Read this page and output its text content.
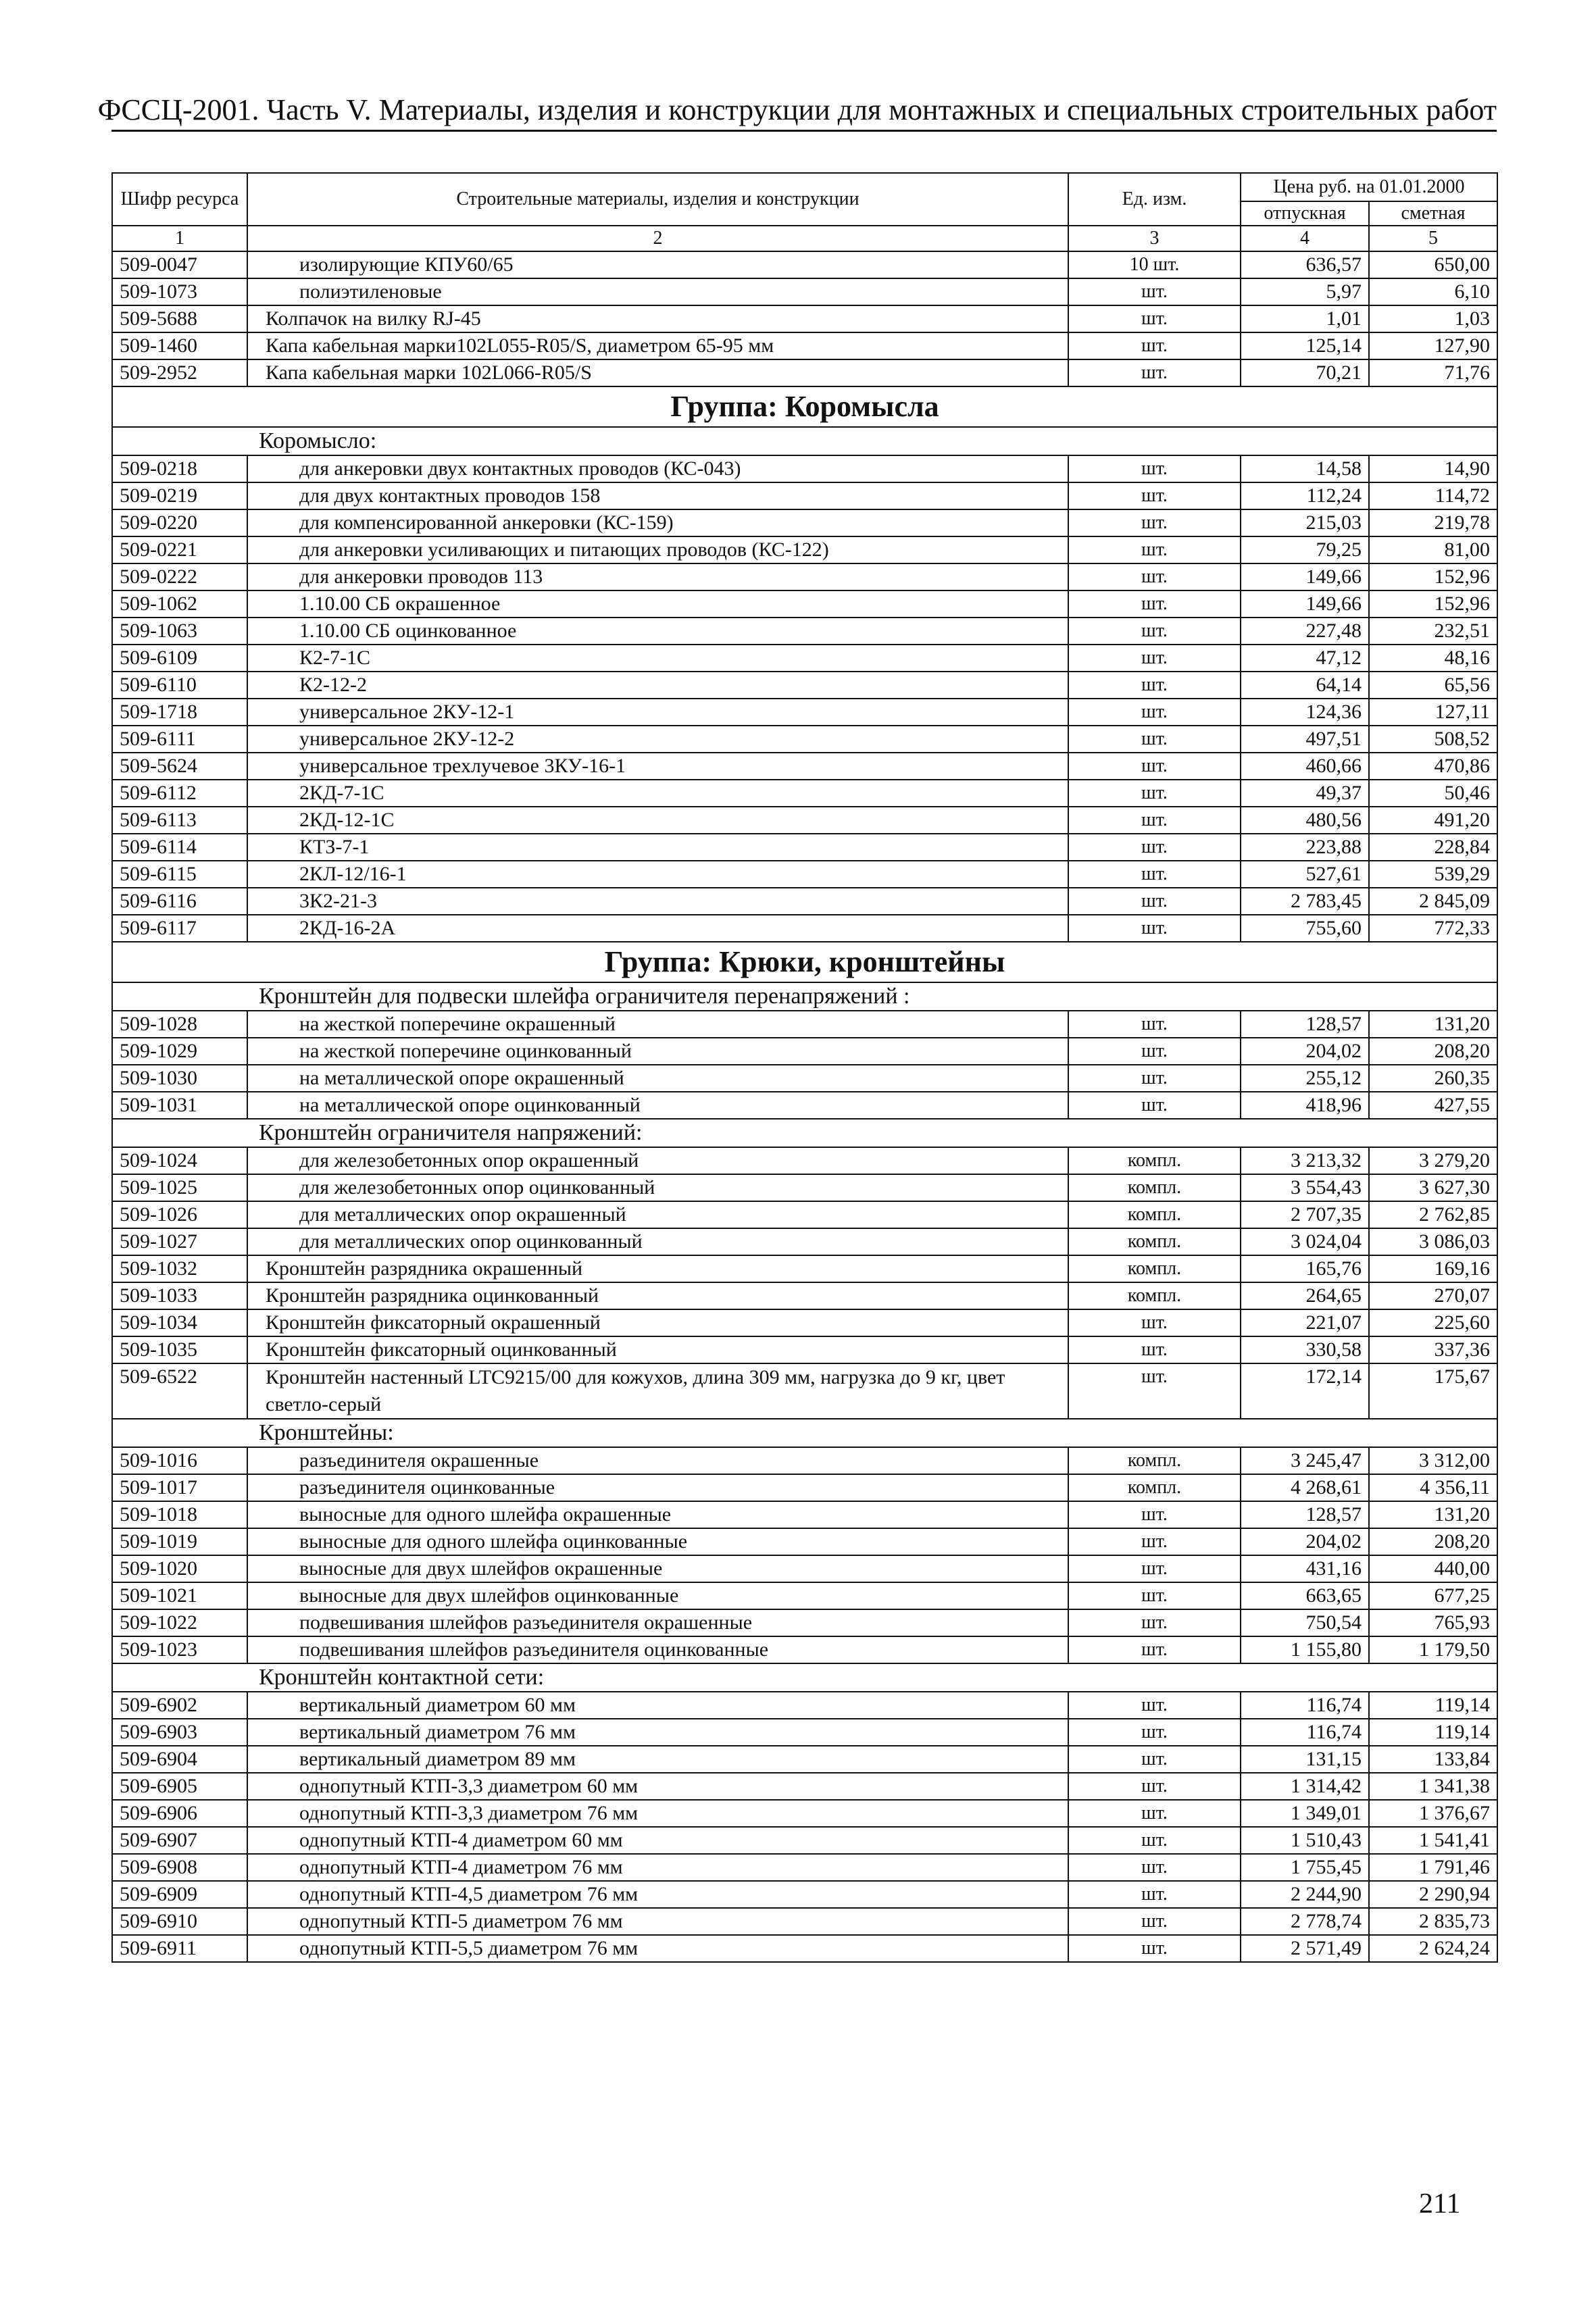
ФССЦ-2001. Часть V. Материалы, изделия и конструкции для монтажных и специальных строительных работ
Шифр ресурса	Строительные материалы, изделия и конструкции	Ед. изм.	Цена руб. на 01.01.2000	
			отпускная	сметная
1	2	3	4	5
509-0047	изолирующие КПУ60/65	10 шт.	636,57	650,00
509-1073	полиэтиленовые	шт.	5,97	6,10
509-5688	Колпачок на вилку RJ-45	шт.	1,01	1,03
509-1460	Капа кабельная марки102L055-R05/S, диаметром 65-95 мм	шт.	125,14	127,90
509-2952	Капа кабельная марки 102L066-R05/S	шт.	70,21	71,76
Группа: Коромысла				
Коромысло:				
509-0218	для анкеровки двух контактных проводов (КС-043)	шт.	14,58	14,90
509-0219	для двух контактных проводов 158	шт.	112,24	114,72
509-0220	для компенсированной анкеровки (КС-159)	шт.	215,03	219,78
509-0221	для анкеровки усиливающих и питающих проводов (КС-122)	шт.	79,25	81,00
509-0222	для анкеровки проводов 113	шт.	149,66	152,96
509-1062	1.10.00 СБ окрашенное	шт.	149,66	152,96
509-1063	1.10.00 СБ оцинкованное	шт.	227,48	232,51
509-6109	К2-7-1С	шт.	47,12	48,16
509-6110	К2-12-2	шт.	64,14	65,56
509-1718	универсальное 2КУ-12-1	шт.	124,36	127,11
509-6111	универсальное 2КУ-12-2	шт.	497,51	508,52
509-5624	универсальное трехлучевое 3КУ-16-1	шт.	460,66	470,86
509-6112	2КД-7-1С	шт.	49,37	50,46
509-6113	2КД-12-1С	шт.	480,56	491,20
509-6114	КТЗ-7-1	шт.	223,88	228,84
509-6115	2КЛ-12/16-1	шт.	527,61	539,29
509-6116	3К2-21-3	шт.	2 783,45	2 845,09
509-6117	2КД-16-2А	шт.	755,60	772,33
Группа: Крюки, кронштейны				
Кронштейн для подвески шлейфа ограничителя перенапряжений :				
509-1028	на жесткой поперечине окрашенный	шт.	128,57	131,20
509-1029	на жесткой поперечине оцинкованный	шт.	204,02	208,20
509-1030	на металлической опоре окрашенный	шт.	255,12	260,35
509-1031	на металлической опоре оцинкованный	шт.	418,96	427,55
Кронштейн ограничителя напряжений:				
509-1024	для железобетонных опор окрашенный	компл.	3 213,32	3 279,20
509-1025	для железобетонных опор оцинкованный	компл.	3 554,43	3 627,30
509-1026	для металлических опор окрашенный	компл.	2 707,35	2 762,85
509-1027	для металлических опор оцинкованный	компл.	3 024,04	3 086,03
509-1032	Кронштейн разрядника окрашенный	компл.	165,76	169,16
509-1033	Кронштейн разрядника оцинкованный	компл.	264,65	270,07
509-1034	Кронштейн фиксаторный окрашенный	шт.	221,07	225,60
509-1035	Кронштейн фиксаторный оцинкованный	шт.	330,58	337,36
509-6522	Кронштейн настенный LTC9215/00 для кожухов, длина 309 мм, нагрузка до 9 кг, цвет светло-серый	шт.	172,14	175,67
Кронштейны:				
509-1016	разъединителя окрашенные	компл.	3 245,47	3 312,00
509-1017	разъединителя оцинкованные	компл.	4 268,61	4 356,11
509-1018	выносные для одного шлейфа окрашенные	шт.	128,57	131,20
509-1019	выносные для одного шлейфа оцинкованные	шт.	204,02	208,20
509-1020	выносные для двух шлейфов окрашенные	шт.	431,16	440,00
509-1021	выносные для двух шлейфов оцинкованные	шт.	663,65	677,25
509-1022	подвешивания шлейфов разъединителя окрашенные	шт.	750,54	765,93
509-1023	подвешивания шлейфов разъединителя оцинкованные	шт.	1 155,80	1 179,50
Кронштейн контактной сети:				
509-6902	вертикальный диаметром 60 мм	шт.	116,74	119,14
509-6903	вертикальный диаметром 76 мм	шт.	116,74	119,14
509-6904	вертикальный диаметром 89 мм	шт.	131,15	133,84
509-6905	однопутный КТП-3,3 диаметром 60 мм	шт.	1 314,42	1 341,38
509-6906	однопутный КТП-3,3 диаметром 76 мм	шт.	1 349,01	1 376,67
509-6907	однопутный КТП-4 диаметром 60 мм	шт.	1 510,43	1 541,41
509-6908	однопутный КТП-4 диаметром 76 мм	шт.	1 755,45	1 791,46
509-6909	однопутный КТП-4,5 диаметром 76 мм	шт.	2 244,90	2 290,94
509-6910	однопутный КТП-5 диаметром 76 мм	шт.	2 778,74	2 835,73
509-6911	однопутный КТП-5,5 диаметром 76 мм	шт.	2 571,49	2 624,24
211
